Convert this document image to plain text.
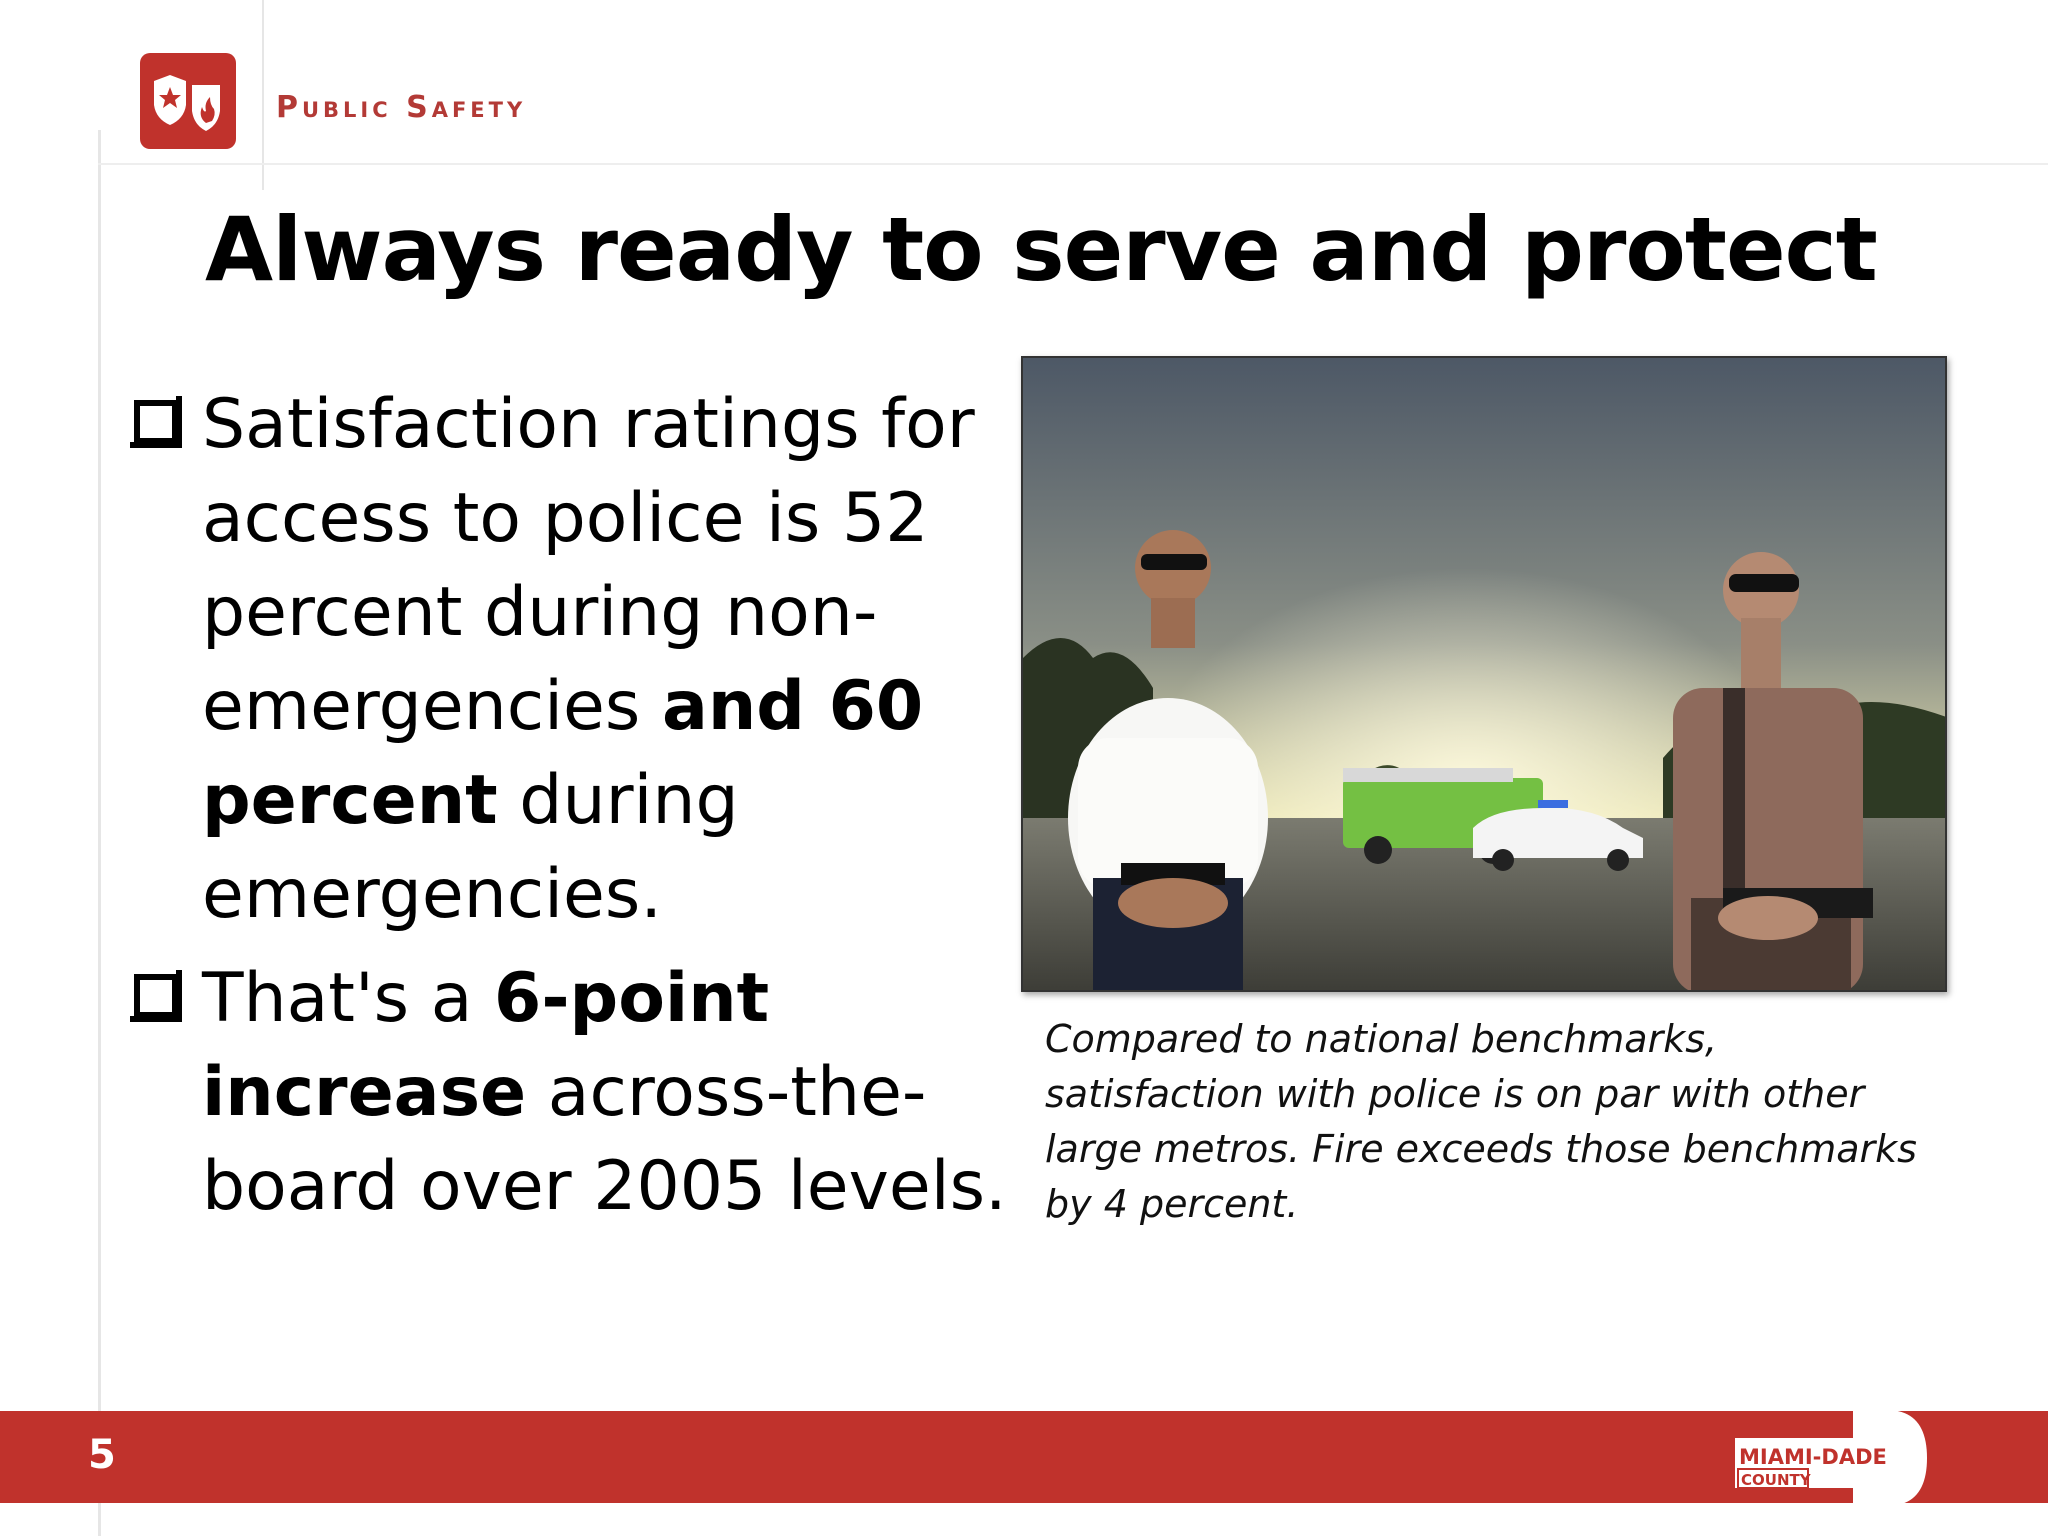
Public Safety
Always ready to serve and protect
Satisfaction ratings for access to police is 52 percent during non-emergencies and 60 percent during emergencies.
That's a 6-point increase across-the-board over 2005 levels.
Compared to national benchmarks, satisfaction with police is on par with other large metros. Fire exceeds those benchmarks by 4 percent.
5	MIAMI-DADE
COUNTY
